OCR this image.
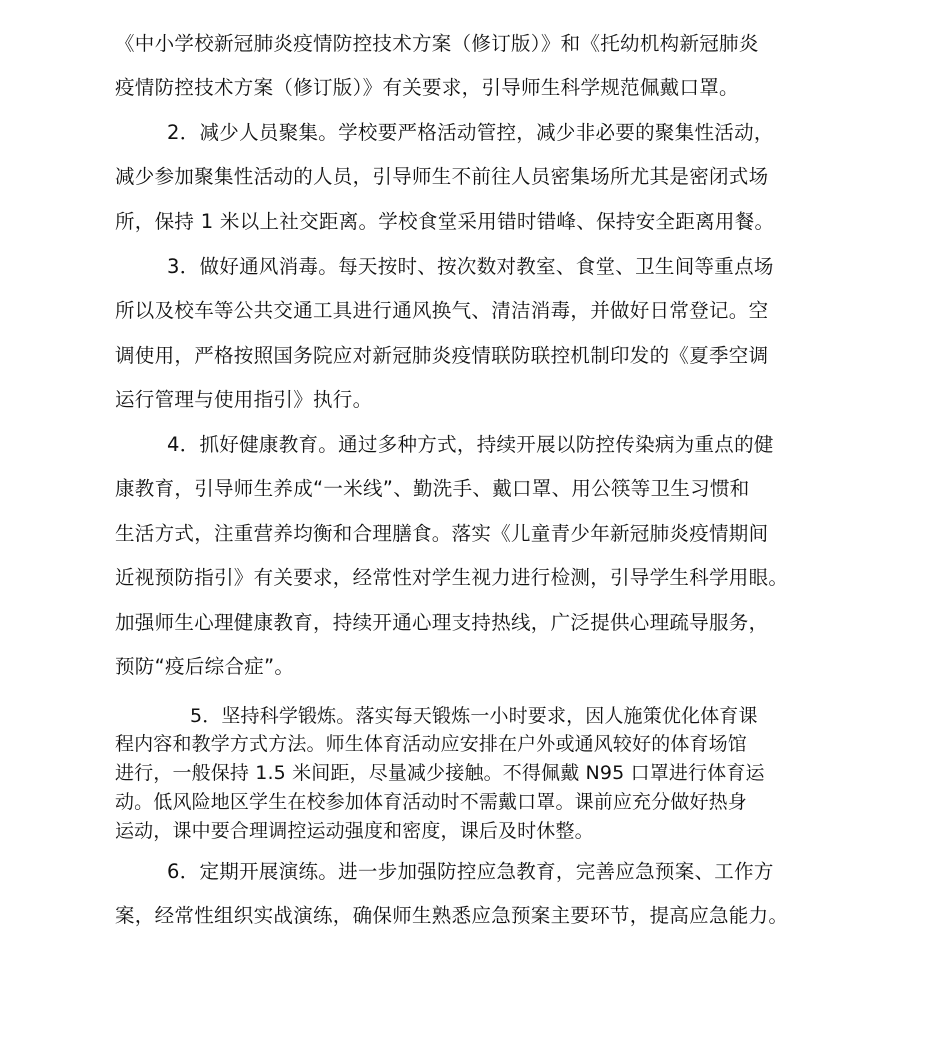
《中小学校新冠肺炎疫情防控技术方案（修订版）》和《托幼机构新冠肺炎
疫情防控技术方案（修订版）》有关要求，引导师生科学规范佩戴口罩。
2．减少人员聚集。学校要严格活动管控，减少非必要的聚集性活动，
减少参加聚集性活动的人员，引导师生不前往人员密集场所尤其是密闭式场
所，保持 1 米以上社交距离。学校食堂采用错时错峰、保持安全距离用餐。
3．做好通风消毒。每天按时、按次数对教室、食堂、卫生间等重点场
所以及校车等公共交通工具进行通风换气、清洁消毒，并做好日常登记。空
调使用，严格按照国务院应对新冠肺炎疫情联防联控机制印发的《夏季空调
运行管理与使用指引》执行。
4．抓好健康教育。通过多种方式，持续开展以防控传染病为重点的健
康教育，引导师生养成“一米线”、勤洗手、戴口罩、用公筷等卫生习惯和
生活方式，注重营养均衡和合理膳食。落实《儿童青少年新冠肺炎疫情期间
近视预防指引》有关要求，经常性对学生视力进行检测，引导学生科学用眼。
加强师生心理健康教育，持续开通心理支持热线，广泛提供心理疏导服务，
预防“疫后综合症”。
5．坚持科学锻炼。落实每天锻炼一小时要求，因人施策优化体育课
程内容和教学方式方法。师生体育活动应安排在户外或通风较好的体育场馆
进行，一般保持 1.5 米间距，尽量减少接触。不得佩戴 N95 口罩进行体育运
动。低风险地区学生在校参加体育活动时不需戴口罩。课前应充分做好热身
运动，课中要合理调控运动强度和密度，课后及时休整。
6．定期开展演练。进一步加强防控应急教育，完善应急预案、工作方
案，经常性组织实战演练，确保师生熟悉应急预案主要环节，提高应急能力。
